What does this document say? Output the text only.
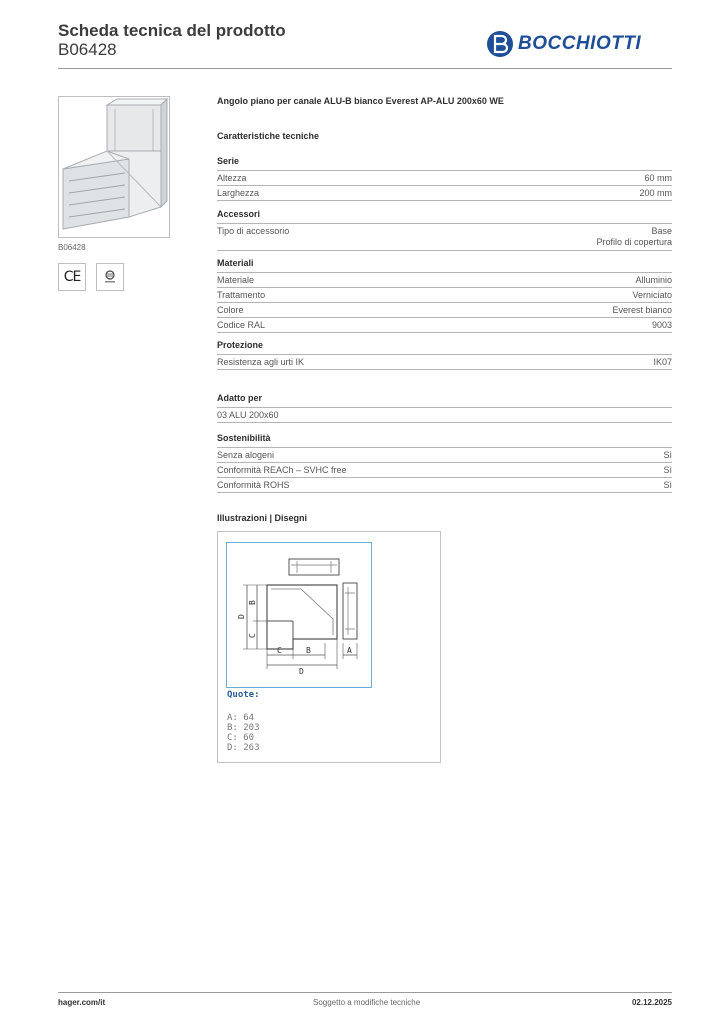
Scheda tecnica del prodotto
B06428	BOCCHIOTTI
B06428
CE
Angolo piano per canale ALU-B bianco Everest AP-ALU 200x60 WE
Caratteristiche tecniche
Serie
Altezza	60 mm
Larghezza	200 mm
Accessori
Tipo di accessorio	Base
Profilo di copertura
Materiali
Materiale	Alluminio
Trattamento	Verniciato
Colore	Everest bianco
Codice RAL	9003
Protezione
Resistenza agli urti IK	IK07
Adatto per
03 ALU 200x60
Sostenibilità
Senza alogeni	Sì
Conformità REACh – SVHC free	Sì
Conformità ROHS	Sì
Illustrazioni | Disegni
D
B
C
C	B
D
A
Quote:
A: 64
B: 203
C: 60
D: 263
hager.com/it	Soggetto a modifiche tecniche	02.12.2025
